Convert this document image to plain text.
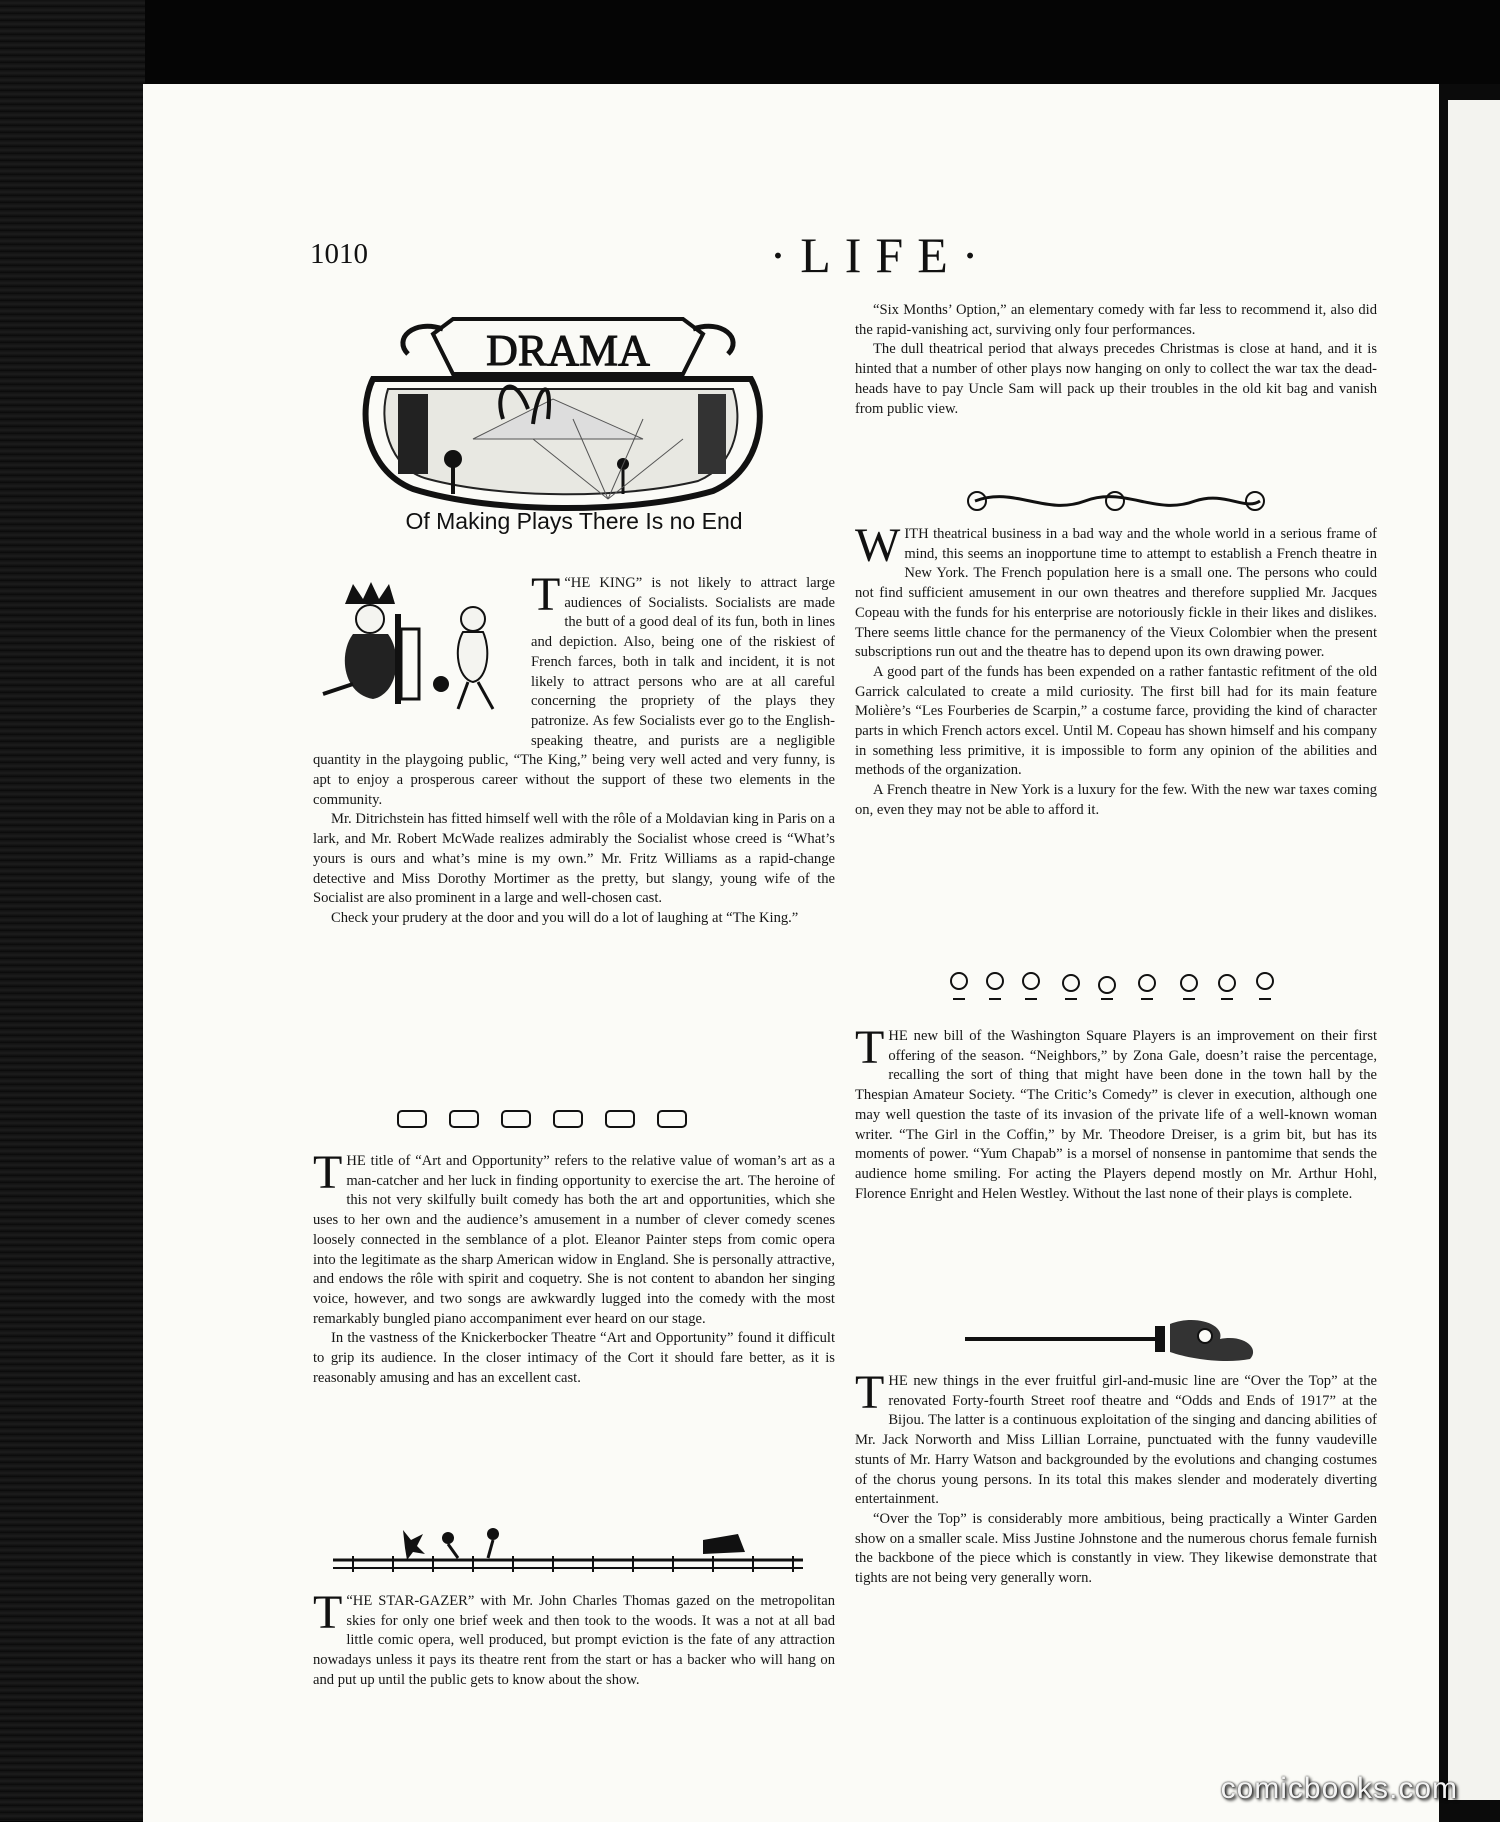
1010	·LIFE·
DRAMA
Of Making Plays There Is no End
T “HE KING” is not likely to attract large audiences of Socialists. Socialists are made the butt of a good deal of its fun, both in lines and depiction. Also, being one of the riskiest of French farces, both in talk and incident, it is not likely to attract persons who are at all careful concerning the propriety of the plays they patronize. As few Socialists ever go to the English-speaking theatre, and purists are a negligible quantity in the playgoing public, “The King,” being very well acted and very funny, is apt to enjoy a prosperous career without the support of these two elements in the community.

Mr. Ditrichstein has fitted himself well with the rôle of a Moldavian king in Paris on a lark, and Mr. Robert McWade realizes admirably the Socialist whose creed is “What’s yours is ours and what’s mine is my own.” Mr. Fritz Williams as a rapid-change detective and Miss Dorothy Mortimer as the pretty, but slangy, young wife of the Socialist are also prominent in a large and well-chosen cast.

Check your prudery at the door and you will do a lot of laughing at “The King.”

T HE title of “Art and Opportunity” refers to the relative value of woman’s art as a man-catcher and her luck in finding opportunity to exercise the art. The heroine of this not very skilfully built comedy has both the art and opportunities, which she uses to her own and the audience’s amusement in a number of clever comedy scenes loosely connected in the semblance of a plot. Eleanor Painter steps from comic opera into the legitimate as the sharp American widow in England. She is personally attractive, and endows the rôle with spirit and coquetry. She is not content to abandon her singing voice, however, and two songs are awkwardly lugged into the comedy with the most remarkably bungled piano accompaniment ever heard on our stage.

In the vastness of the Knickerbocker Theatre “Art and Opportunity” found it difficult to grip its audience. In the closer intimacy of the Cort it should fare better, as it is reasonably amusing and has an excellent cast.

T “HE STAR-GAZER” with Mr. John Charles Thomas gazed on the metropolitan skies for only one brief week and then took to the woods. It was a not at all bad little comic opera, well produced, but prompt eviction is the fate of any attraction nowadays unless it pays its theatre rent from the start or has a backer who will hang on and put up until the public gets to know about the show.

“Six Months’ Option,” an elementary comedy with far less to recommend it, also did the rapid-vanishing act, surviving only four performances.

The dull theatrical period that always precedes Christmas is close at hand, and it is hinted that a number of other plays now hanging on only to collect the war tax the dead-heads have to pay Uncle Sam will pack up their troubles in the old kit bag and vanish from public view.

W ITH theatrical business in a bad way and the whole world in a serious frame of mind, this seems an inopportune time to attempt to establish a French theatre in New York. The French population here is a small one. The persons who could not find sufficient amusement in our own theatres and therefore supplied Mr. Jacques Copeau with the funds for his enterprise are notoriously fickle in their likes and dislikes. There seems little chance for the permanency of the Vieux Colombier when the present subscriptions run out and the theatre has to depend upon its own drawing power.

A good part of the funds has been expended on a rather fantastic refitment of the old Garrick calculated to create a mild curiosity. The first bill had for its main feature Molière’s “Les Fourberies de Scarpin,” a costume farce, providing the kind of character parts in which French actors excel. Until M. Copeau has shown himself and his company in something less primitive, it is impossible to form any opinion of the abilities and methods of the organization.

A French theatre in New York is a luxury for the few. With the new war taxes coming on, even they may not be able to afford it.

T HE new bill of the Washington Square Players is an improvement on their first offering of the season. “Neighbors,” by Zona Gale, doesn’t raise the percentage, recalling the sort of thing that might have been done in the town hall by the Thespian Amateur Society. “The Critic’s Comedy” is clever in execution, although one may well question the taste of its invasion of the private life of a well-known woman writer. “The Girl in the Coffin,” by Mr. Theodore Dreiser, is a grim bit, but has its moments of power. “Yum Chapab” is a morsel of nonsense in pantomime that sends the audience home smiling. For acting the Players depend mostly on Mr. Arthur Hohl, Florence Enright and Helen Westley. Without the last none of their plays is complete.

T HE new things in the ever fruitful girl-and-music line are “Over the Top” at the renovated Forty-fourth Street roof theatre and “Odds and Ends of 1917” at the Bijou. The latter is a continuous exploitation of the singing and dancing abilities of Mr. Jack Norworth and Miss Lillian Lorraine, punctuated with the funny vaudeville stunts of Mr. Harry Watson and backgrounded by the evolutions and changing costumes of the chorus young persons. In its total this makes slender and moderately diverting entertainment.

“Over the Top” is considerably more ambitious, being practically a Winter Garden show on a smaller scale. Miss Justine Johnstone and the numerous chorus female furnish the backbone of the piece which is constantly in view. They likewise demonstrate that tights are not being very generally worn.

comicbooks.com
